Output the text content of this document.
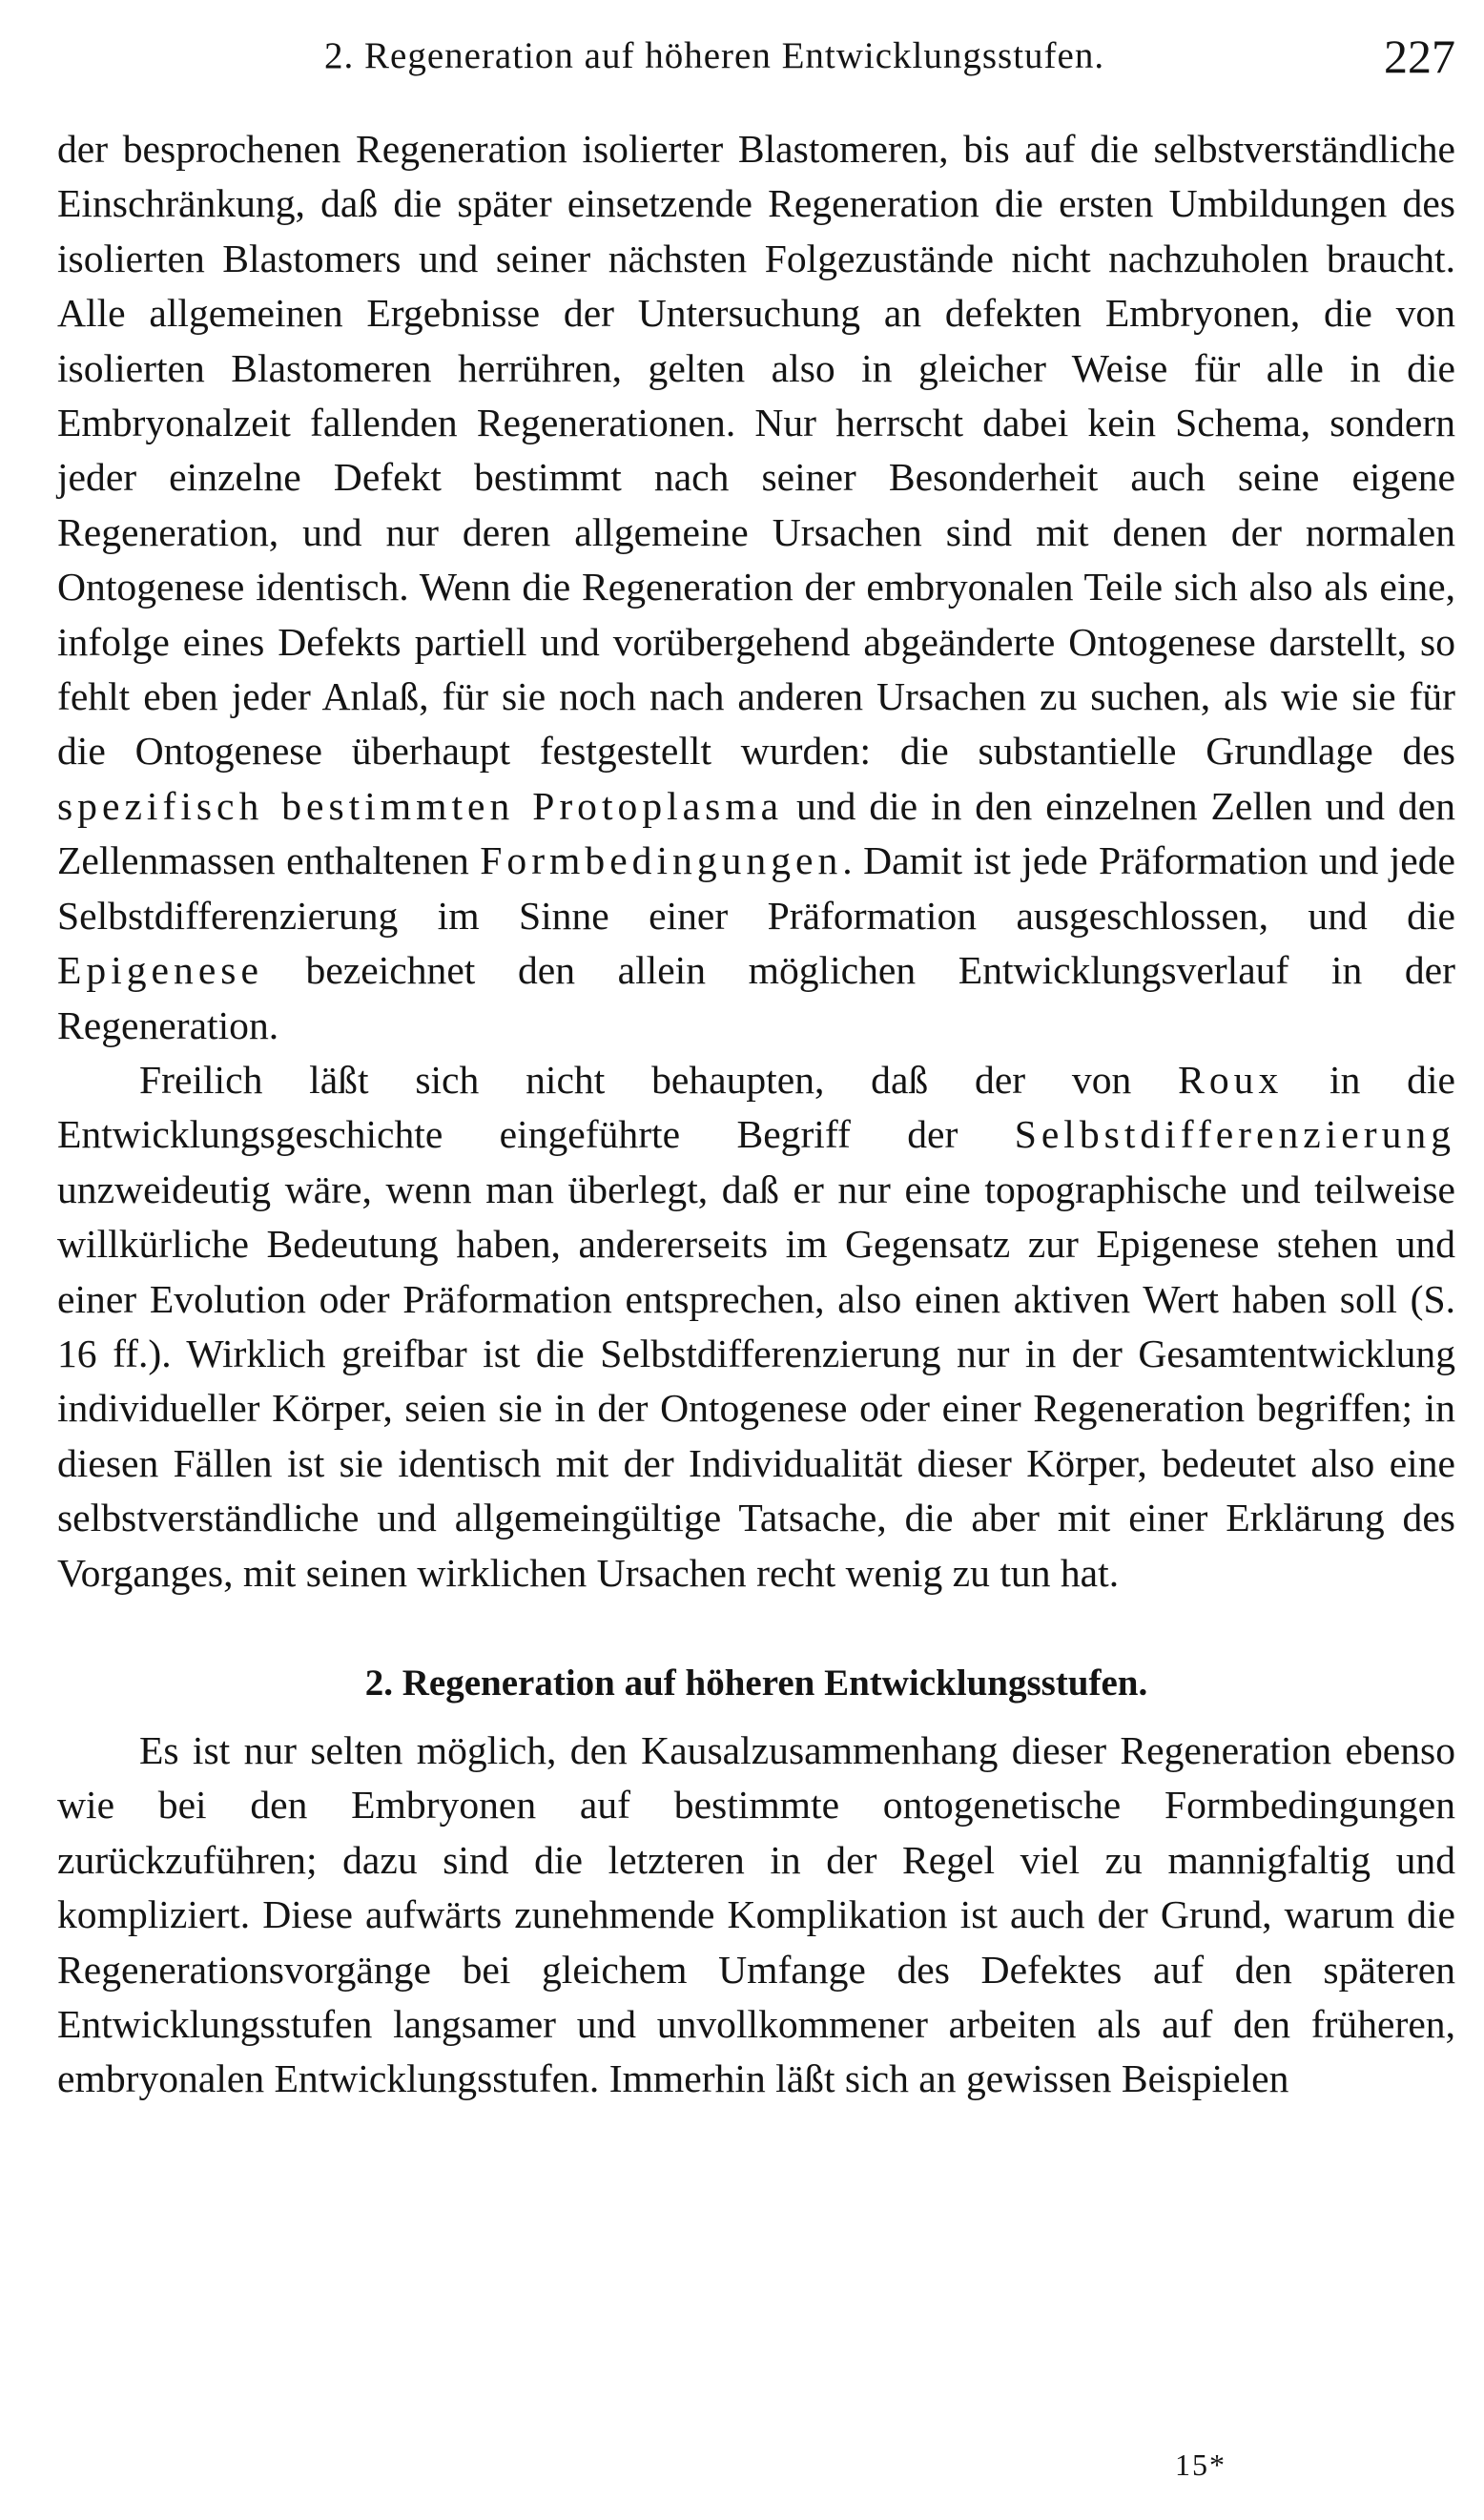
2. Regeneration auf höheren Entwicklungsstufen.	227

der besprochenen Regeneration isolierter Blastomeren, bis auf die selbstverständliche Einschränkung, daß die später einsetzende Regeneration die ersten Umbildungen des isolierten Blastomers und seiner nächsten Folgezustände nicht nachzuholen braucht. Alle allgemeinen Ergebnisse der Untersuchung an defekten Embryonen, die von isolierten Blastomeren herrühren, gelten also in gleicher Weise für alle in die Embryonalzeit fallenden Regenerationen. Nur herrscht dabei kein Schema, sondern jeder einzelne Defekt bestimmt nach seiner Besonderheit auch seine eigene Regeneration, und nur deren allgemeine Ursachen sind mit denen der normalen Ontogenese identisch. Wenn die Regeneration der embryonalen Teile sich also als eine, infolge eines Defekts partiell und vorübergehend abgeänderte Ontogenese darstellt, so fehlt eben jeder Anlaß, für sie noch nach anderen Ursachen zu suchen, als wie sie für die Ontogenese überhaupt festgestellt wurden: die substantielle Grundlage des spezifisch bestimmten Protoplasma und die in den einzelnen Zellen und den Zellenmassen enthaltenen Formbedingungen. Damit ist jede Präformation und jede Selbstdifferenzierung im Sinne einer Präformation ausgeschlossen, und die Epigenese bezeichnet den allein möglichen Entwicklungsverlauf in der Regeneration.

Freilich läßt sich nicht behaupten, daß der von Roux in die Entwicklungsgeschichte eingeführte Begriff der Selbstdifferenzierung unzweideutig wäre, wenn man überlegt, daß er nur eine topographische und teilweise willkürliche Bedeutung haben, andererseits im Gegensatz zur Epigenese stehen und einer Evolution oder Präformation entsprechen, also einen aktiven Wert haben soll (S. 16 ff.). Wirklich greifbar ist die Selbstdifferenzierung nur in der Gesamtentwicklung individueller Körper, seien sie in der Ontogenese oder einer Regeneration begriffen; in diesen Fällen ist sie identisch mit der Individualität dieser Körper, bedeutet also eine selbstverständliche und allgemeingültige Tatsache, die aber mit einer Erklärung des Vorganges, mit seinen wirklichen Ursachen recht wenig zu tun hat.

2. Regeneration auf höheren Entwicklungsstufen.

Es ist nur selten möglich, den Kausalzusammenhang dieser Regeneration ebenso wie bei den Embryonen auf bestimmte ontogenetische Formbedingungen zurückzuführen; dazu sind die letzteren in der Regel viel zu mannigfaltig und kompliziert. Diese aufwärts zunehmende Komplikation ist auch der Grund, warum die Regenerationsvorgänge bei gleichem Umfange des Defektes auf den späteren Entwicklungsstufen langsamer und unvollkommener arbeiten als auf den früheren, embryonalen Entwicklungsstufen. Immerhin läßt sich an gewissen Beispielen

15*
